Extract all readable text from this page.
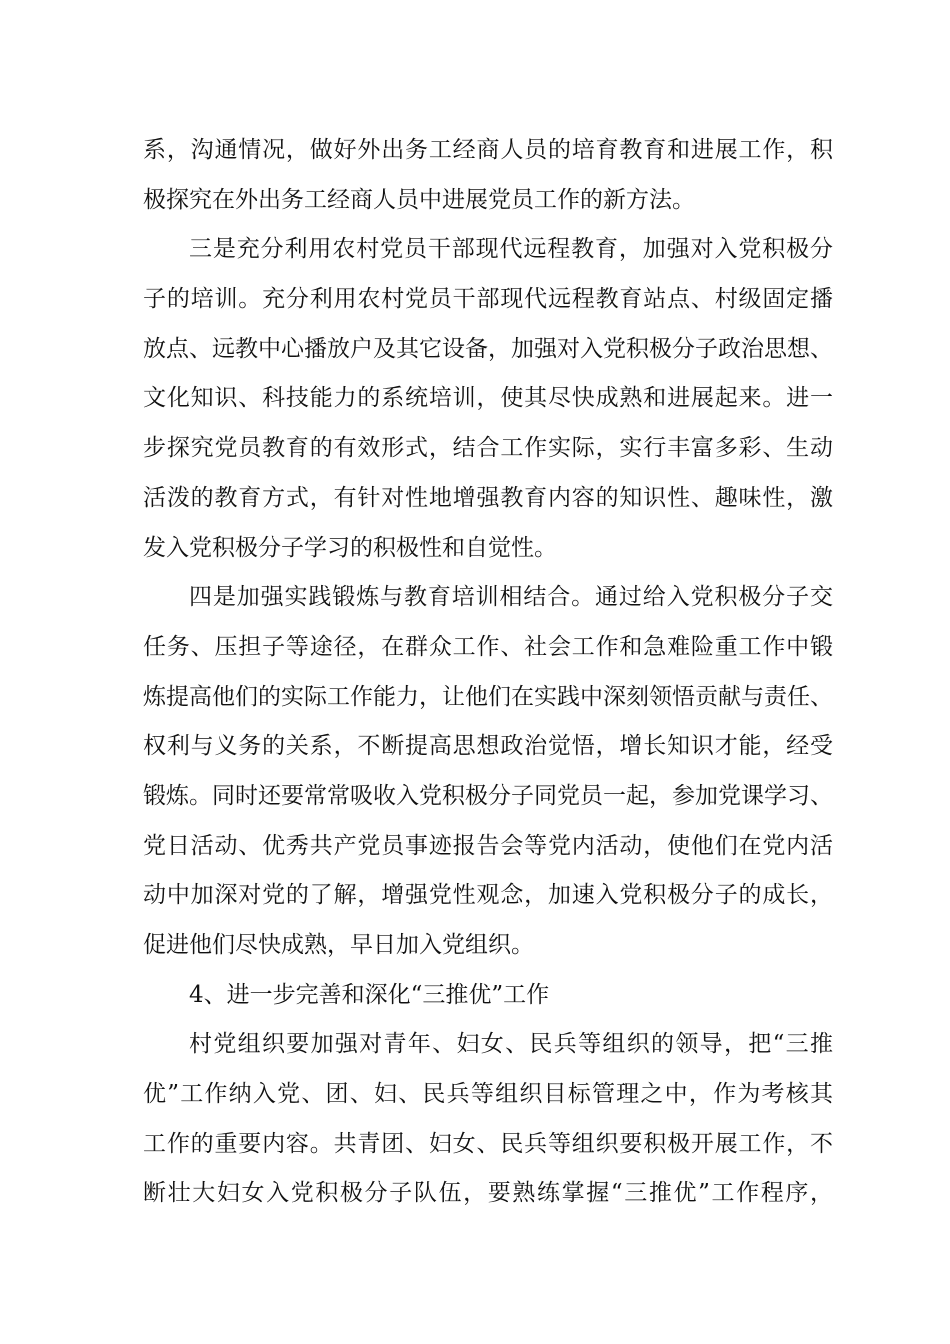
系，沟通情况，做好外出务工经商人员的培育教育和进展工作，积
极探究在外出务工经商人员中进展党员工作的新方法。
三是充分利用农村党员干部现代远程教育，加强对入党积极分
子的培训。充分利用农村党员干部现代远程教育站点、村级固定播
放点、远教中心播放户及其它设备，加强对入党积极分子政治思想、
文化知识、科技能力的系统培训，使其尽快成熟和进展起来。进一
步探究党员教育的有效形式，结合工作实际，实行丰富多彩、生动
活泼的教育方式，有针对性地增强教育内容的知识性、趣味性，激
发入党积极分子学习的积极性和自觉性。
四是加强实践锻炼与教育培训相结合。通过给入党积极分子交
任务、压担子等途径，在群众工作、社会工作和急难险重工作中锻
炼提高他们的实际工作能力，让他们在实践中深刻领悟贡献与责任、
权利与义务的关系，不断提高思想政治觉悟，增长知识才能，经受
锻炼。同时还要常常吸收入党积极分子同党员一起，参加党课学习、
党日活动、优秀共产党员事迹报告会等党内活动，使他们在党内活
动中加深对党的了解，增强党性观念，加速入党积极分子的成长，
促进他们尽快成熟，早日加入党组织。
4、进一步完善和深化“三推优”工作
村党组织要加强对青年、妇女、民兵等组织的领导，把“三推
优”工作纳入党、团、妇、民兵等组织目标管理之中，作为考核其
工作的重要内容。共青团、妇女、民兵等组织要积极开展工作，不
断壮大妇女入党积极分子队伍，要熟练掌握“三推优”工作程序，
